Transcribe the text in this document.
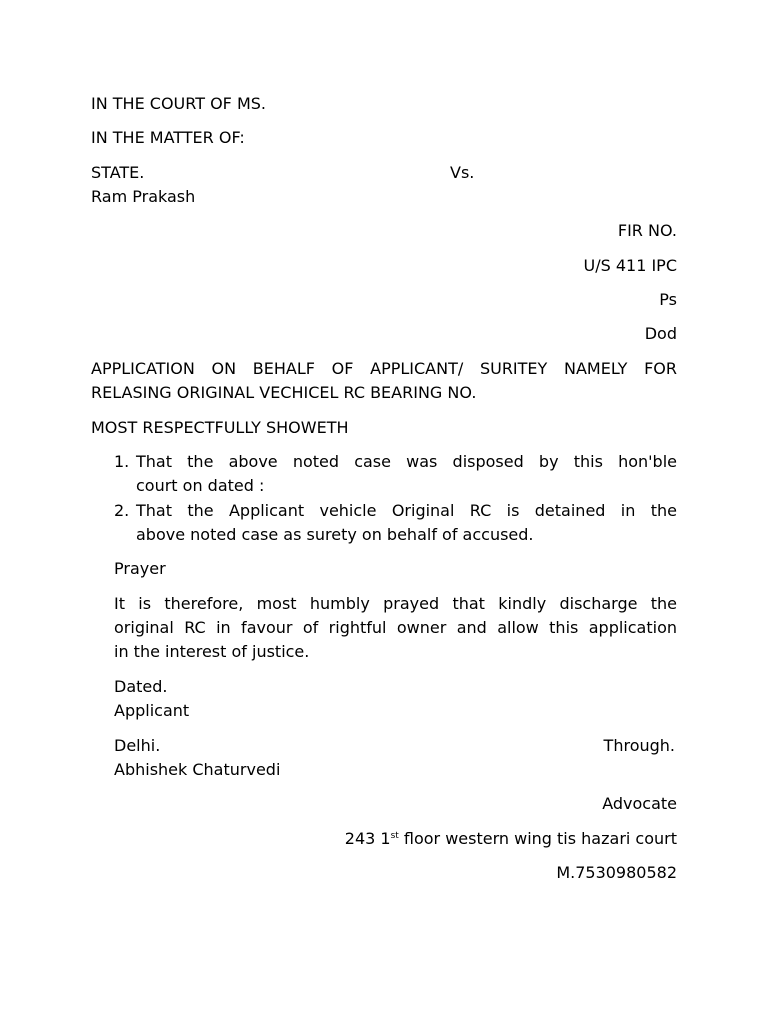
IN THE COURT OF MS.
IN THE MATTER OF:
STATE.	Vs.
Ram Prakash
FIR NO.
U/S 411 IPC
Ps
Dod
APPLICATION ON BEHALF OF APPLICANT/ SURITEY NAMELY FOR
RELASING ORIGINAL VECHICEL RC BEARING NO.
MOST RESPECTFULLY SHOWETH
1. That the above noted case was disposed by this hon'ble
court on dated :
2. That the Applicant vehicle Original RC is detained in the
above noted case as surety on behalf of accused.
Prayer
It is therefore, most humbly prayed that kindly discharge the
original RC in favour of rightful owner and allow this application
in the interest of justice.
Dated.
Applicant
Delhi.	Through.
Abhishek Chaturvedi
Advocate
243 1st floor western wing tis hazari court
M.7530980582
